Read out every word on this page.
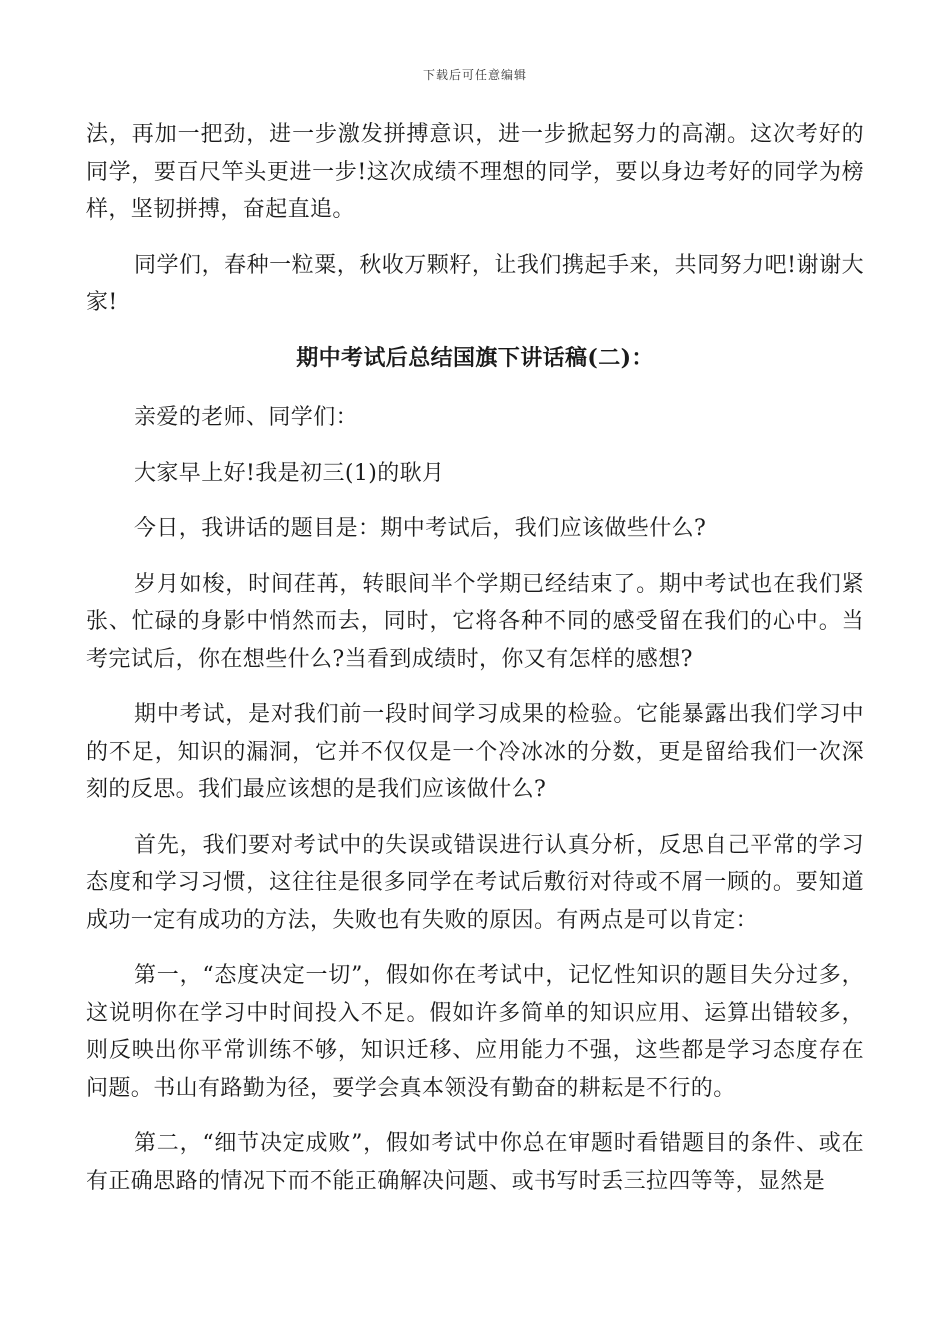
下载后可任意编辑

法，再加一把劲，进一步激发拼搏意识，进一步掀起努力的高潮。这次考好的同学，要百尺竿头更进一步!这次成绩不理想的同学，要以身边考好的同学为榜样，坚韧拼搏，奋起直追。

同学们，春种一粒粟，秋收万颗籽，让我们携起手来，共同努力吧!谢谢大家!

期中考试后总结国旗下讲话稿(二)：

亲爱的老师、同学们：

大家早上好!我是初三(1)的耿月

今日，我讲话的题目是：期中考试后，我们应该做些什么?

岁月如梭，时间荏苒，转眼间半个学期已经结束了。期中考试也在我们紧张、忙碌的身影中悄然而去，同时，它将各种不同的感受留在我们的心中。当考完试后，你在想些什么?当看到成绩时，你又有怎样的感想?

期中考试，是对我们前一段时间学习成果的检验。它能暴露出我们学习中的不足，知识的漏洞，它并不仅仅是一个冷冰冰的分数，更是留给我们一次深刻的反思。我们最应该想的是我们应该做什么?

首先，我们要对考试中的失误或错误进行认真分析，反思自己平常的学习态度和学习习惯，这往往是很多同学在考试后敷衍对待或不屑一顾的。要知道成功一定有成功的方法，失败也有失败的原因。有两点是可以肯定：

第一，“态度决定一切”，假如你在考试中，记忆性知识的题目失分过多，这说明你在学习中时间投入不足。假如许多简单的知识应用、运算出错较多，则反映出你平常训练不够，知识迁移、应用能力不强，这些都是学习态度存在问题。书山有路勤为径，要学会真本领没有勤奋的耕耘是不行的。

第二，“细节决定成败”，假如考试中你总在审题时看错题目的条件、或在有正确思路的情况下而不能正确解决问题、或书写时丢三拉四等等，显然是
